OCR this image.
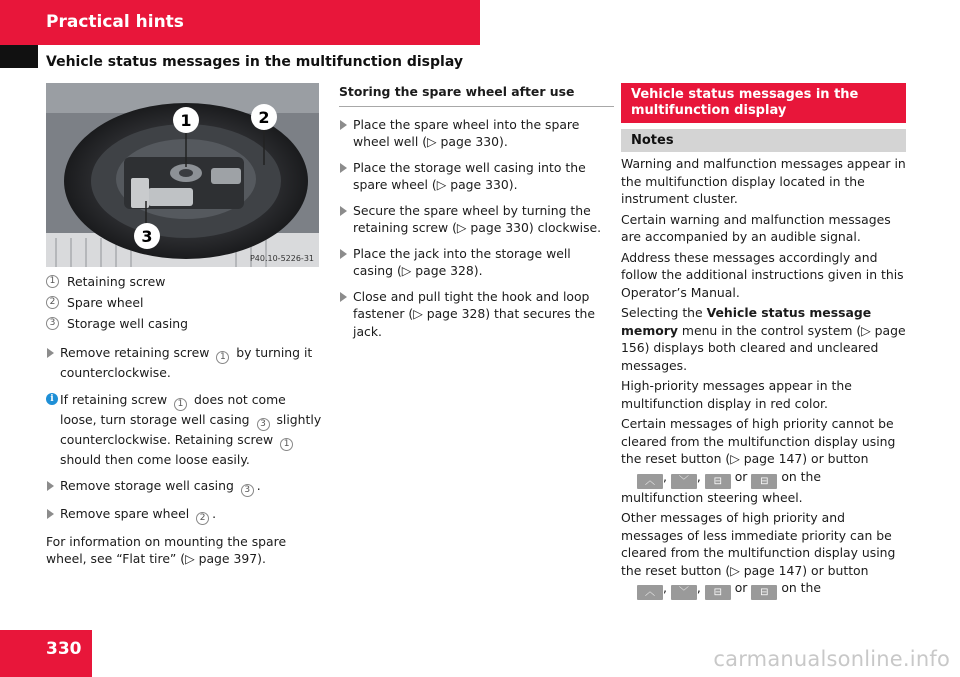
Practical hints
Vehicle status messages in the multifunction display
1	2
3
P40.10-5226-31
1 Retaining screw
2 Spare wheel
3 Storage well casing
Remove retaining screw 1 by turning it counterclockwise.
i If retaining screw 1 does not come loose, turn storage well casing 3 slightly counterclockwise. Retaining screw 1 should then come loose easily.
Remove storage well casing 3 .
Remove spare wheel 2 .
For information on mounting the spare wheel, see “Flat tire” (▷ page 397).
Storing the spare wheel after use
Place the spare wheel into the spare wheel well (▷ page 330).
Place the storage well casing into the spare wheel (▷ page 330).
Secure the spare wheel by turning the retaining screw (▷ page 330) clockwise.
Place the jack into the storage well casing (▷ page 328).
Close and pull tight the hook and loop fastener (▷ page 328) that secures the jack.
Vehicle status messages in the multifunction display
Notes
Warning and malfunction messages appear in the multifunction display located in the instrument cluster.
Certain warning and malfunction messages are accompanied by an audible signal.
Address these messages accordingly and follow the additional instructions given in this Operator’s Manual.
Selecting the Vehicle status message memory menu in the control system (▷ page 156) displays both cleared and uncleared messages.
High-priority messages appear in the multifunction display in red color.
Certain messages of high priority cannot be cleared from the multifunction display using the reset button (▷ page 147) or button
︿ , ﹀ , ⊟ or ⊟ on the multifunction steering wheel.
Other messages of high priority and messages of less immediate priority can be cleared from the multifunction display using the reset button (▷ page 147) or button
︿ , ﹀ , ⊟ or ⊟ on the
330	carmanualsonline.info
